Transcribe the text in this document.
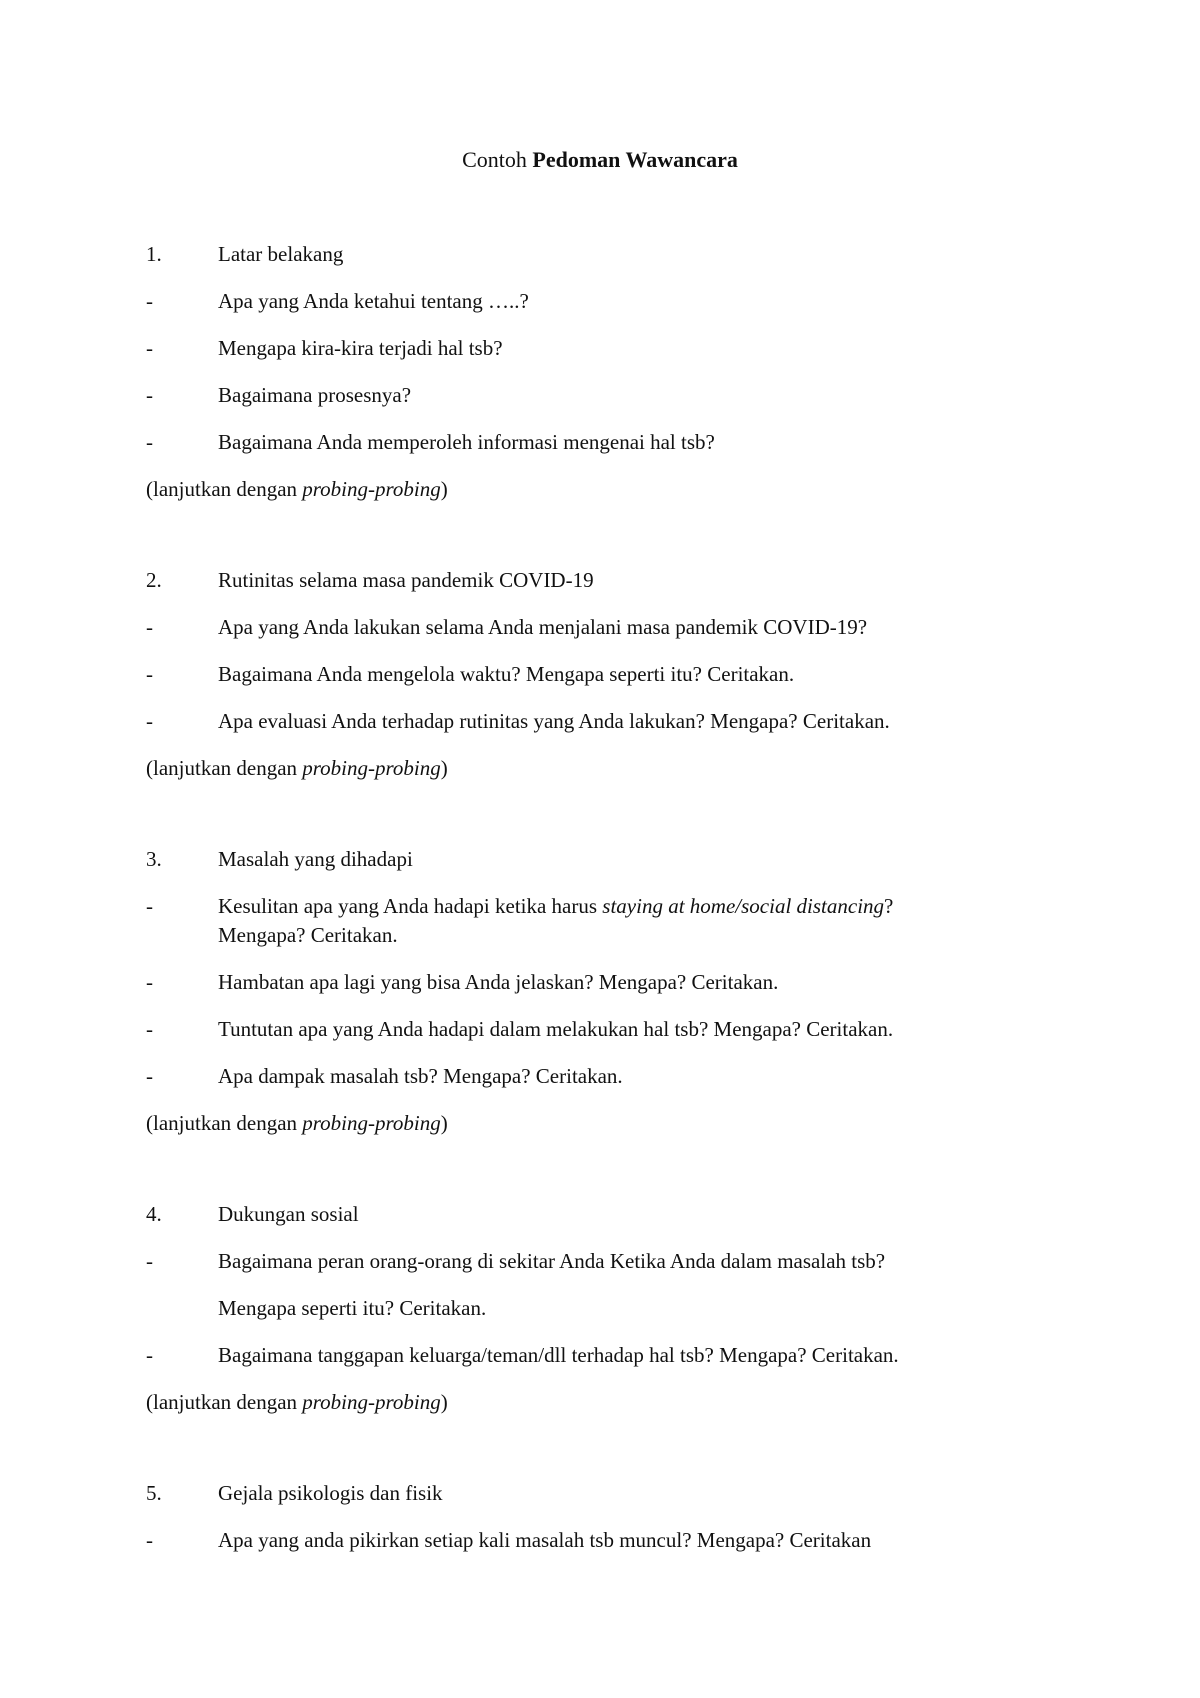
Contoh Pedoman Wawancara
1.	Latar belakang
-	Apa yang Anda ketahui tentang …..?
-	Mengapa kira-kira terjadi hal tsb?
-	Bagaimana prosesnya?
-	Bagaimana Anda memperoleh informasi mengenai hal tsb?
(lanjutkan dengan probing-probing)
2.	Rutinitas selama masa pandemik COVID-19
-	Apa yang Anda lakukan selama Anda menjalani masa pandemik COVID-19?
-	Bagaimana Anda mengelola waktu? Mengapa seperti itu? Ceritakan.
-	Apa evaluasi Anda terhadap rutinitas yang Anda lakukan? Mengapa? Ceritakan.
(lanjutkan dengan probing-probing)
3.	Masalah yang dihadapi
-	Kesulitan apa yang Anda hadapi ketika harus staying at home/social distancing?
Mengapa? Ceritakan.
-	Hambatan apa lagi yang bisa Anda jelaskan? Mengapa? Ceritakan.
-	Tuntutan apa yang Anda hadapi dalam melakukan hal tsb? Mengapa? Ceritakan.
-	Apa dampak masalah tsb? Mengapa? Ceritakan.
(lanjutkan dengan probing-probing)
4.	Dukungan sosial
-	Bagaimana peran orang-orang di sekitar Anda Ketika Anda dalam masalah tsb?
Mengapa seperti itu? Ceritakan.
-	Bagaimana tanggapan keluarga/teman/dll terhadap hal tsb? Mengapa? Ceritakan.
(lanjutkan dengan probing-probing)
5.	Gejala psikologis dan fisik
-	Apa yang anda pikirkan setiap kali masalah tsb muncul? Mengapa? Ceritakan
